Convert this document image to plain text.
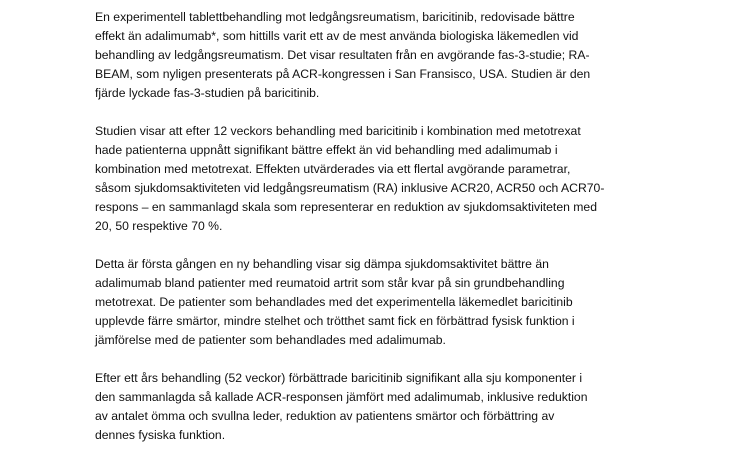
En experimentell tablettbehandling mot ledgångsreumatism, baricitinib, redovisade bättre
effekt än adalimumab*, som hittills varit ett av de mest använda biologiska läkemedlen vid
behandling av ledgångsreumatism. Det visar resultaten från en avgörande fas-3-studie; RA-
BEAM, som nyligen presenterats på ACR-kongressen i San Fransisco, USA. Studien är den
fjärde lyckade fas-3-studien på baricitinib.

Studien visar att efter 12 veckors behandling med baricitinib i kombination med metotrexat
hade patienterna uppnått signifikant bättre effekt än vid behandling med adalimumab i
kombination med metotrexat. Effekten utvärderades via ett flertal avgörande parametrar,
såsom sjukdomsaktiviteten vid ledgångsreumatism (RA) inklusive ACR20, ACR50 och ACR70-
respons – en sammanlagd skala som representerar en reduktion av sjukdomsaktiviteten med
20, 50 respektive 70 %.

Detta är första gången en ny behandling visar sig dämpa sjukdomsaktivitet bättre än
adalimumab bland patienter med reumatoid artrit som står kvar på sin grundbehandling
metotrexat. De patienter som behandlades med det experimentella läkemedlet baricitinib
upplevde färre smärtor, mindre stelhet och trötthet samt fick en förbättrad fysisk funktion i
jämförelse med de patienter som behandlades med adalimumab.

Efter ett års behandling (52 veckor) förbättrade baricitinib signifikant alla sju komponenter i
den sammanlagda så kallade ACR-responsen jämfört med adalimumab, inklusive reduktion
av antalet ömma och svullna leder, reduktion av patientens smärtor och förbättring av
dennes fysiska funktion.
